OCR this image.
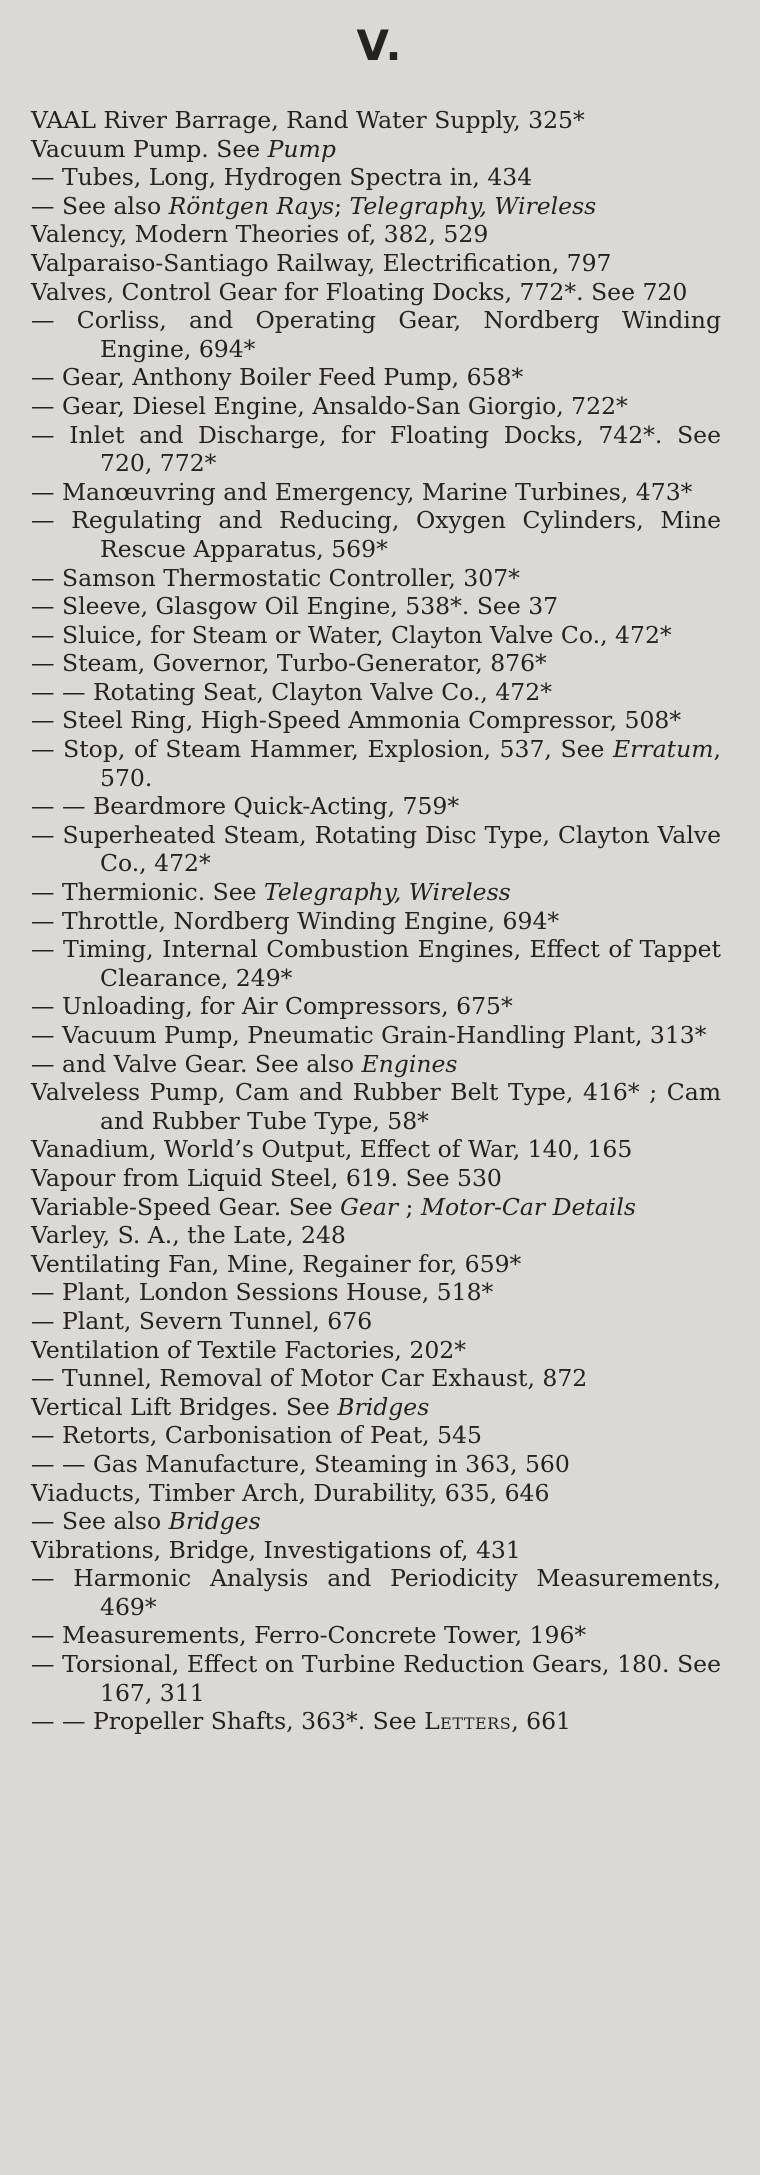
V.
VAAL River Barrage, Rand Water Supply, 325*
Vacuum Pump. See Pump
— Tubes, Long, Hydrogen Spectra in, 434
— See also Röntgen Rays; Telegraphy, Wireless
Valency, Modern Theories of, 382, 529
Valparaiso-Santiago Railway, Electrification, 797
Valves, Control Gear for Floating Docks, 772*. See 720
— Corliss, and Operating Gear, Nordberg Winding Engine, 694*
— Gear, Anthony Boiler Feed Pump, 658*
— Gear, Diesel Engine, Ansaldo-San Giorgio, 722*
— Inlet and Discharge, for Floating Docks, 742*. See 720, 772*
— Manœuvring and Emergency, Marine Turbines, 473*
— Regulating and Reducing, Oxygen Cylinders, Mine Rescue Apparatus, 569*
— Samson Thermostatic Controller, 307*
— Sleeve, Glasgow Oil Engine, 538*. See 37
— Sluice, for Steam or Water, Clayton Valve Co., 472*
— Steam, Governor, Turbo-Generator, 876*
— — Rotating Seat, Clayton Valve Co., 472*
— Steel Ring, High-Speed Ammonia Compressor, 508*
— Stop, of Steam Hammer, Explosion, 537, See Erratum, 570.
— — Beardmore Quick-Acting, 759*
— Superheated Steam, Rotating Disc Type, Clayton Valve Co., 472*
— Thermionic. See Telegraphy, Wireless
— Throttle, Nordberg Winding Engine, 694*
— Timing, Internal Combustion Engines, Effect of Tappet Clearance, 249*
— Unloading, for Air Compressors, 675*
— Vacuum Pump, Pneumatic Grain-Handling Plant, 313*
— and Valve Gear. See also Engines
Valveless Pump, Cam and Rubber Belt Type, 416* ; Cam and Rubber Tube Type, 58*
Vanadium, World’s Output, Effect of War, 140, 165
Vapour from Liquid Steel, 619. See 530
Variable-Speed Gear. See Gear ; Motor-Car Details
Varley, S. A., the Late, 248
Ventilating Fan, Mine, Regainer for, 659*
— Plant, London Sessions House, 518*
— Plant, Severn Tunnel, 676
Ventilation of Textile Factories, 202*
— Tunnel, Removal of Motor Car Exhaust, 872
Vertical Lift Bridges. See Bridges
— Retorts, Carbonisation of Peat, 545
— — Gas Manufacture, Steaming in 363, 560
Viaducts, Timber Arch, Durability, 635, 646
— See also Bridges
Vibrations, Bridge, Investigations of, 431
— Harmonic Analysis and Periodicity Measurements, 469*
— Measurements, Ferro-Concrete Tower, 196*
— Torsional, Effect on Turbine Reduction Gears, 180. See 167, 311
— — Propeller Shafts, 363*. See Letters, 661
